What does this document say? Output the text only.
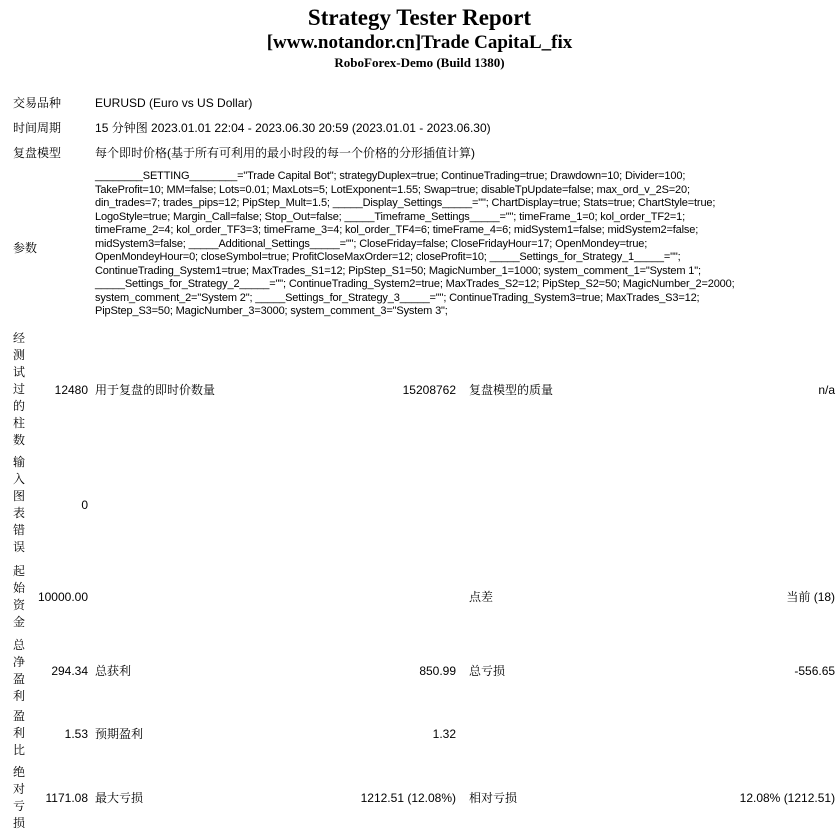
Strategy Tester Report
[www.notandor.cn]Trade CapitaL_fix
RoboForex-Demo (Build 1380)
交易品种		EURUSD (Euro vs US Dollar)			
时间周期		15 分钟图 2023.01.01 22:04 - 2023.06.30 20:59 (2023.01.01 - 2023.06.30)			
复盘模型		每个即时价格(基于所有可利用的最小时段的每一个价格的分形插值计算)			
参数	
________SETTING________="Trade Capital Bot"; strategyDuplex=true; ContinueTrading=true; Drawdown=10; Divider=100;
TakeProfit=10; MM=false; Lots=0.01; MaxLots=5; LotExponent=1.55; Swap=true; disableTpUpdate=false; max_ord_v_2S=20;
din_trades=7; trades_pips=12; PipStep_Mult=1.5; _____Display_Settings_____=""; ChartDisplay=true; Stats=true; ChartStyle=true;
LogoStyle=true; Margin_Call=false; Stop_Out=false; _____Timeframe_Settings_____=""; timeFrame_1=0; kol_order_TF2=1;
timeFrame_2=4; kol_order_TF3=3; timeFrame_3=4; kol_order_TF4=6; timeFrame_4=6; midSystem1=false; midSystem2=false;
midSystem3=false; _____Additional_Settings_____=""; CloseFriday=false; CloseFridayHour=17; OpenMondey=true;
OpenMondeyHour=0; closeSymbol=true; ProfitCloseMaxOrder=12; closeProfit=10; _____Settings_for_Strategy_1_____="";
ContinueTrading_System1=true; MaxTrades_S1=12; PipStep_S1=50; MagicNumber_1=1000; system_comment_1="System 1";
_____Settings_for_Strategy_2_____=""; ContinueTrading_System2=true; MaxTrades_S2=12; PipStep_S2=50; MagicNumber_2=2000;
system_comment_2="System 2"; _____Settings_for_Strategy_3_____=""; ContinueTrading_System3=true; MaxTrades_S3=12;
PipStep_S3=50; MagicNumber_3=3000; system_comment_3="System 3";

经测试过的柱数	12480	用于复盘的即时价数量	15208762	复盘模型的质量	n/a
输入图表错误	0				
起始资金	10000.00			点差	当前 (18)
总净盈利	294.34	总获利	850.99	总亏损	-556.65
盈利比	1.53	预期盈利	1.32		
绝对亏损	1171.08	最大亏损	1212.51 (12.08%)	相对亏损	12.08% (1212.51)
